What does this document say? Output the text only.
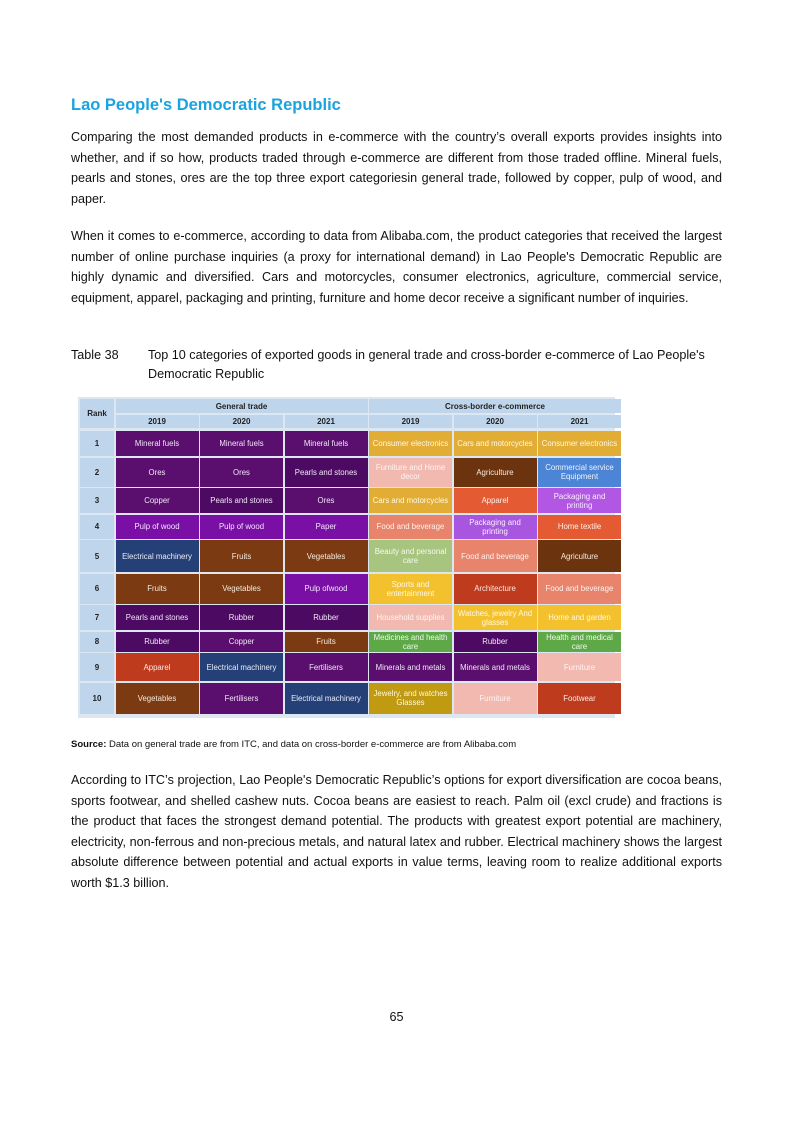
Lao People's Democratic Republic

Comparing the most demanded products in e-commerce with the country’s overall exports provides insights into whether, and if so how, products traded through e-commerce are different from those traded offline. Mineral fuels, pearls and stones, ores are the top three export categoriesin general trade, followed by copper, pulp of wood, and paper.

When it comes to e-commerce, according to data from Alibaba.com, the product categories that received the largest number of online purchase inquiries (a proxy for international demand) in Lao People's Democratic Republic are highly dynamic and diversified. Cars and motorcycles, consumer electronics, agriculture, commercial service, equipment, apparel, packaging and printing, furniture and home decor receive a significant number of inquiries.

Table 38 Top 10 categories of exported goods in general trade and cross-border e-commerce of Lao People's Democratic Republic
Rank
General trade	Cross-border e-commerce
2019	2020	2021	2019	2020	2021
1	Mineral fuels	Mineral fuels	Mineral fuels	Consumer electronics	Cars and motorcycles	Consumer electronics
2	Ores	Ores	Pearls and stones	Furniture and Home decor	Agriculture	Commercial service Equipment
3	Copper	Pearls and stones	Ores	Cars and motorcycles	Apparel	Packaging and printing
4	Pulp of wood	Pulp of wood	Paper	Food and beverage	Packaging and printing	Home textile
5	Electrical machinery	Fruits	Vegetables	Beauty and personal care	Food and beverage	Agriculture
6	Fruits	Vegetables	Pulp ofwood	Sports and entertainment	Architecture	Food and beverage
7	Pearls and stones	Rubber	Rubber	Household supplies	Watches, jewelry And glasses	Home and garden
8	Rubber	Copper	Fruits	Medicines and health care	Rubber	Health and medical care
9	Apparel	Electrical machinery	Fertilisers	Minerals and metals	Minerals and metals	Furniture
10	Vegetables	Fertilisers	Electrical machinery	Jewelry, and watches Glasses	Furniture	Footwear
Source: Data on general trade are from ITC, and data on cross-border e-commerce are from Alibaba.com

According to ITC’s projection, Lao People's Democratic Republic’s options for export diversification are cocoa beans, sports footwear, and shelled cashew nuts. Cocoa beans are easiest to reach. Palm oil (excl crude) and fractions is the product that faces the strongest demand potential. The products with greatest export potential are machinery, electricity, non-ferrous and non-precious metals, and natural latex and rubber. Electrical machinery shows the largest absolute difference between potential and actual exports in value terms, leaving room to realize additional exports worth $1.3 billion.

65
